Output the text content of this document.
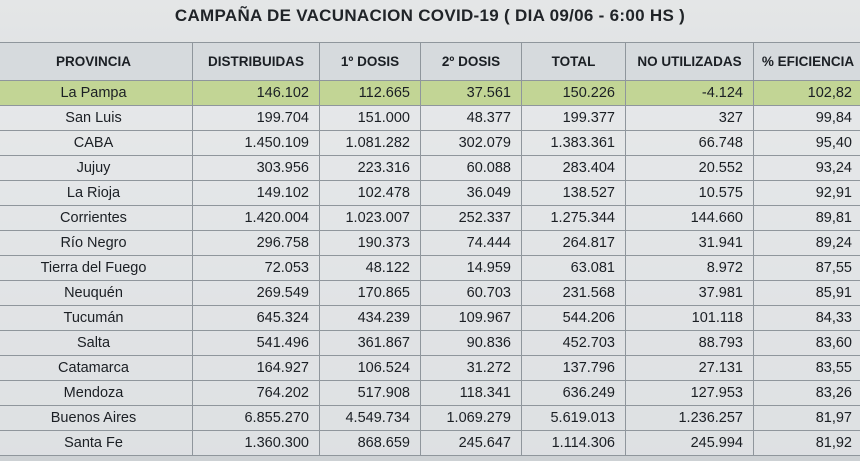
CAMPAÑA DE VACUNACION COVID-19 ( DIA 09/06 - 6:00 HS )
PROVINCIA	DISTRIBUIDAS	1º DOSIS	2º DOSIS	TOTAL	NO UTILIZADAS	% EFICIENCIA
La Pampa	146.102	112.665	37.561	150.226	-4.124	102,82
San Luis	199.704	151.000	48.377	199.377	327	99,84
CABA	1.450.109	1.081.282	302.079	1.383.361	66.748	95,40
Jujuy	303.956	223.316	60.088	283.404	20.552	93,24
La Rioja	149.102	102.478	36.049	138.527	10.575	92,91
Corrientes	1.420.004	1.023.007	252.337	1.275.344	144.660	89,81
Río Negro	296.758	190.373	74.444	264.817	31.941	89,24
Tierra del Fuego	72.053	48.122	14.959	63.081	8.972	87,55
Neuquén	269.549	170.865	60.703	231.568	37.981	85,91
Tucumán	645.324	434.239	109.967	544.206	101.118	84,33
Salta	541.496	361.867	90.836	452.703	88.793	83,60
Catamarca	164.927	106.524	31.272	137.796	27.131	83,55
Mendoza	764.202	517.908	118.341	636.249	127.953	83,26
Buenos Aires	6.855.270	4.549.734	1.069.279	5.619.013	1.236.257	81,97
Santa Fe	1.360.300	868.659	245.647	1.114.306	245.994	81,92
